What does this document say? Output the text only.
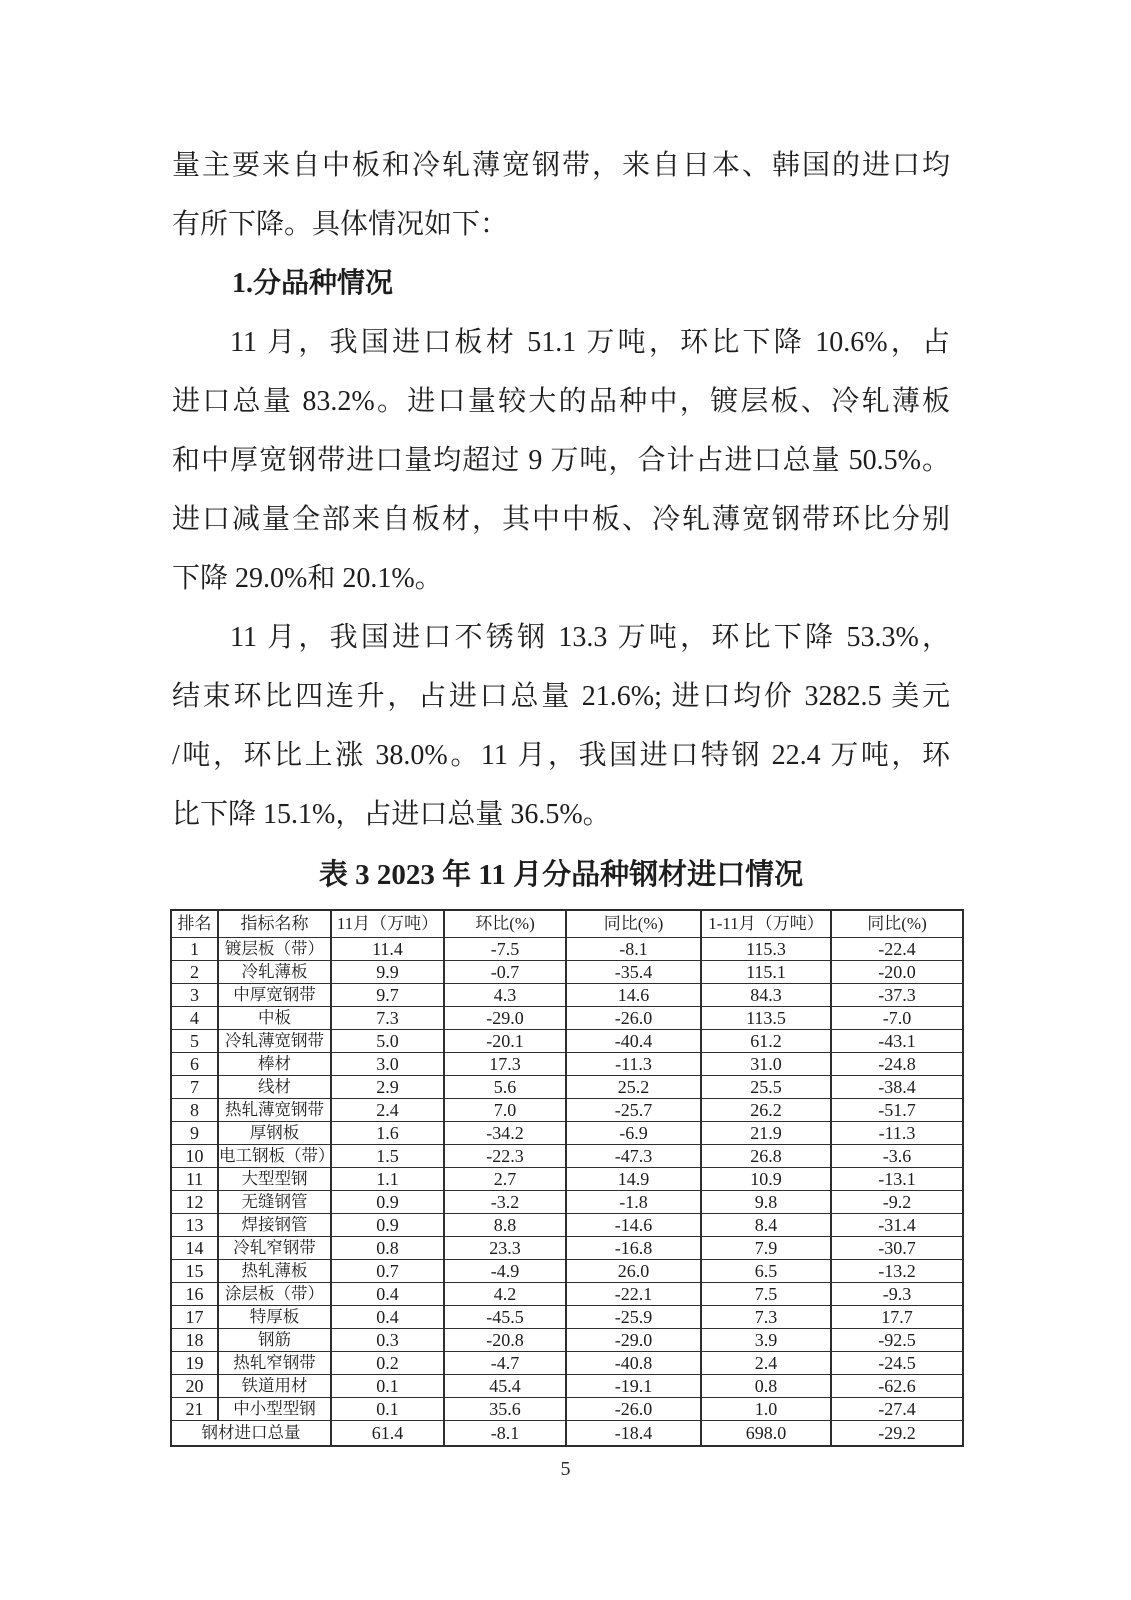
量主要来自中板和冷轧薄宽钢带，来自日本、韩国的进口均
有所下降。具体情况如下：
1.分品种情况
11 月，我国进口板材 51.1 万吨，环比下降 10.6%，占
进口总量 83.2%。进口量较大的品种中，镀层板、冷轧薄板
和中厚宽钢带进口量均超过 9 万吨，合计占进口总量 50.5%。
进口减量全部来自板材，其中中板、冷轧薄宽钢带环比分别
下降 29.0%和 20.1%。
11 月，我国进口不锈钢 13.3 万吨，环比下降 53.3%，
结束环比四连升，占进口总量 21.6%; 进口均价 3282.5 美元
/吨，环比上涨 38.0%。11 月，我国进口特钢 22.4 万吨，环
比下降 15.1%，占进口总量 36.5%。
表 3 2023 年 11 月分品种钢材进口情况
排名	指标名称	11月（万吨）	环比(%)	同比(%)	1-11月（万吨）	同比(%)
1	镀层板（带）	11.4	-7.5	-8.1	115.3	-22.4
2	冷轧薄板	9.9	-0.7	-35.4	115.1	-20.0
3	中厚宽钢带	9.7	4.3	14.6	84.3	-37.3
4	中板	7.3	-29.0	-26.0	113.5	-7.0
5	冷轧薄宽钢带	5.0	-20.1	-40.4	61.2	-43.1
6	棒材	3.0	17.3	-11.3	31.0	-24.8
7	线材	2.9	5.6	25.2	25.5	-38.4
8	热轧薄宽钢带	2.4	7.0	-25.7	26.2	-51.7
9	厚钢板	1.6	-34.2	-6.9	21.9	-11.3
10	电工钢板（带）	1.5	-22.3	-47.3	26.8	-3.6
11	大型型钢	1.1	2.7	14.9	10.9	-13.1
12	无缝钢管	0.9	-3.2	-1.8	9.8	-9.2
13	焊接钢管	0.9	8.8	-14.6	8.4	-31.4
14	冷轧窄钢带	0.8	23.3	-16.8	7.9	-30.7
15	热轧薄板	0.7	-4.9	26.0	6.5	-13.2
16	涂层板（带）	0.4	4.2	-22.1	7.5	-9.3
17	特厚板	0.4	-45.5	-25.9	7.3	17.7
18	钢筋	0.3	-20.8	-29.0	3.9	-92.5
19	热轧窄钢带	0.2	-4.7	-40.8	2.4	-24.5
20	铁道用材	0.1	45.4	-19.1	0.8	-62.6
21	中小型型钢	0.1	35.6	-26.0	1.0	-27.4
钢材进口总量		61.4	-8.1	-18.4	698.0	-29.2
5
